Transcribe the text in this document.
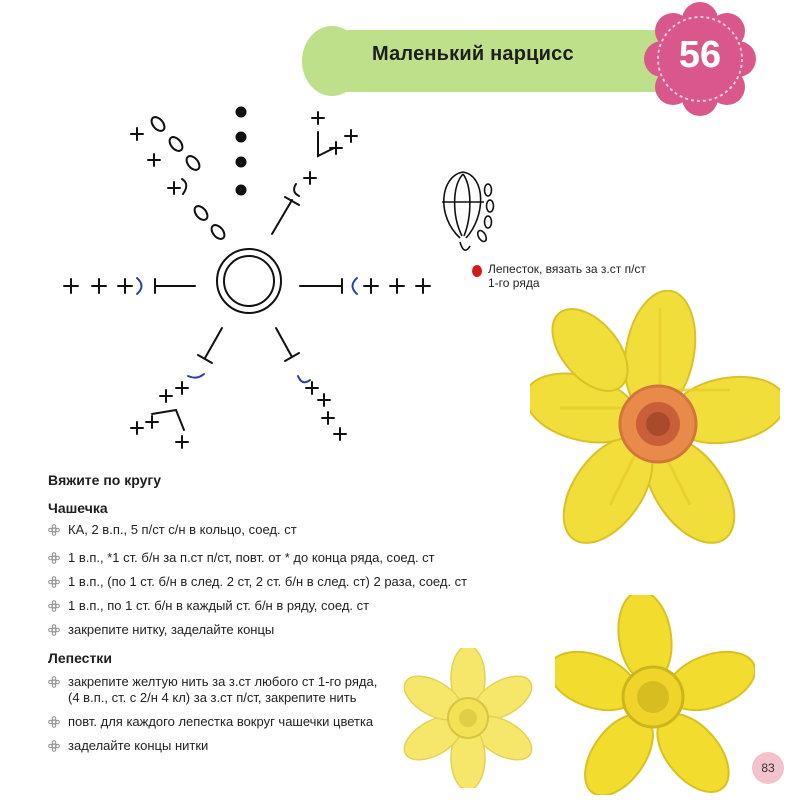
Маленький нарцисс	56
Лепесток, вязать за з.ст п/ст 1-го ряда
Вяжите по кругу
Чашечка
КА, 2 в.п., 5 п/ст с/н в кольцо, соед. ст
1 в.п., *1 ст. б/н за п.ст п/ст, повт. от * до конца ряда, соед. ст
1 в.п., (по 1 ст. б/н в след. 2 ст, 2 ст. б/н в след. ст) 2 раза, соед. ст
1 в.п., по 1 ст. б/н в каждый ст. б/н в ряду, соед. ст
закрепите нитку, заделайте концы
Лепестки
закрепите желтую нить за з.ст любого ст 1-го ряда, (4 в.п., ст. с 2/н 4 кл) за з.ст п/ст, закрепите нить
повт. для каждого лепестка вокруг чашечки цветка
заделайте концы нитки
83
